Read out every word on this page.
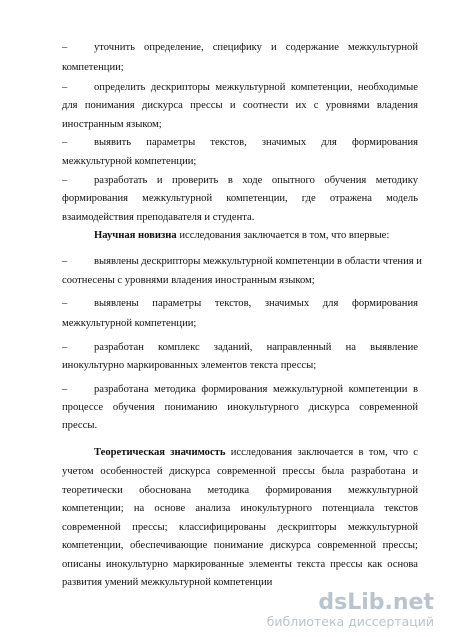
–	уточнить определение, специфику и содержание межкультурной
компетенции;
–	определить дескрипторы межкультурной компетенции, необходимые
для понимания дискурса прессы и соотнести их с уровнями владения
иностранным языком;
–	выявить параметры текстов, значимых для формирования
межкультурной компетенции;
–	разработать и проверить в ходе опытного обучения методику
формирования межкультурной компетенции, где отражена модель
взаимодействия преподавателя и студента.
Научная новизна исследования заключается в том, что впервые:
–	выявлены дескрипторы межкультурной компетенции в области чтения и
соотнесены с уровнями владения иностранным языком;
–	выявлены параметры текстов, значимых для формирования
межкультурной компетенции;
–	разработан комплекс заданий, направленный на выявление
инокультурно маркированных элементов текста прессы;
–	разработана методика формирования межкультурной компетенции в
процессе обучения пониманию инокультурного дискурса современной
прессы.
Теоретическая значимость исследования заключается в том, что с
учетом особенностей дискурса современной прессы была разработана и
теоретически обоснована методика формирования межкультурной
компетенции; на основе анализа инокультурного потенциала текстов
современной прессы; классифицированы дескрипторы межкультурной
компетенции, обеспечивающие понимание дискурса современной прессы;
описаны инокультурно маркированные элементы текста прессы как основа
развития умений межкультурной компетенции
dsLib.net
библиотека диссертаций
